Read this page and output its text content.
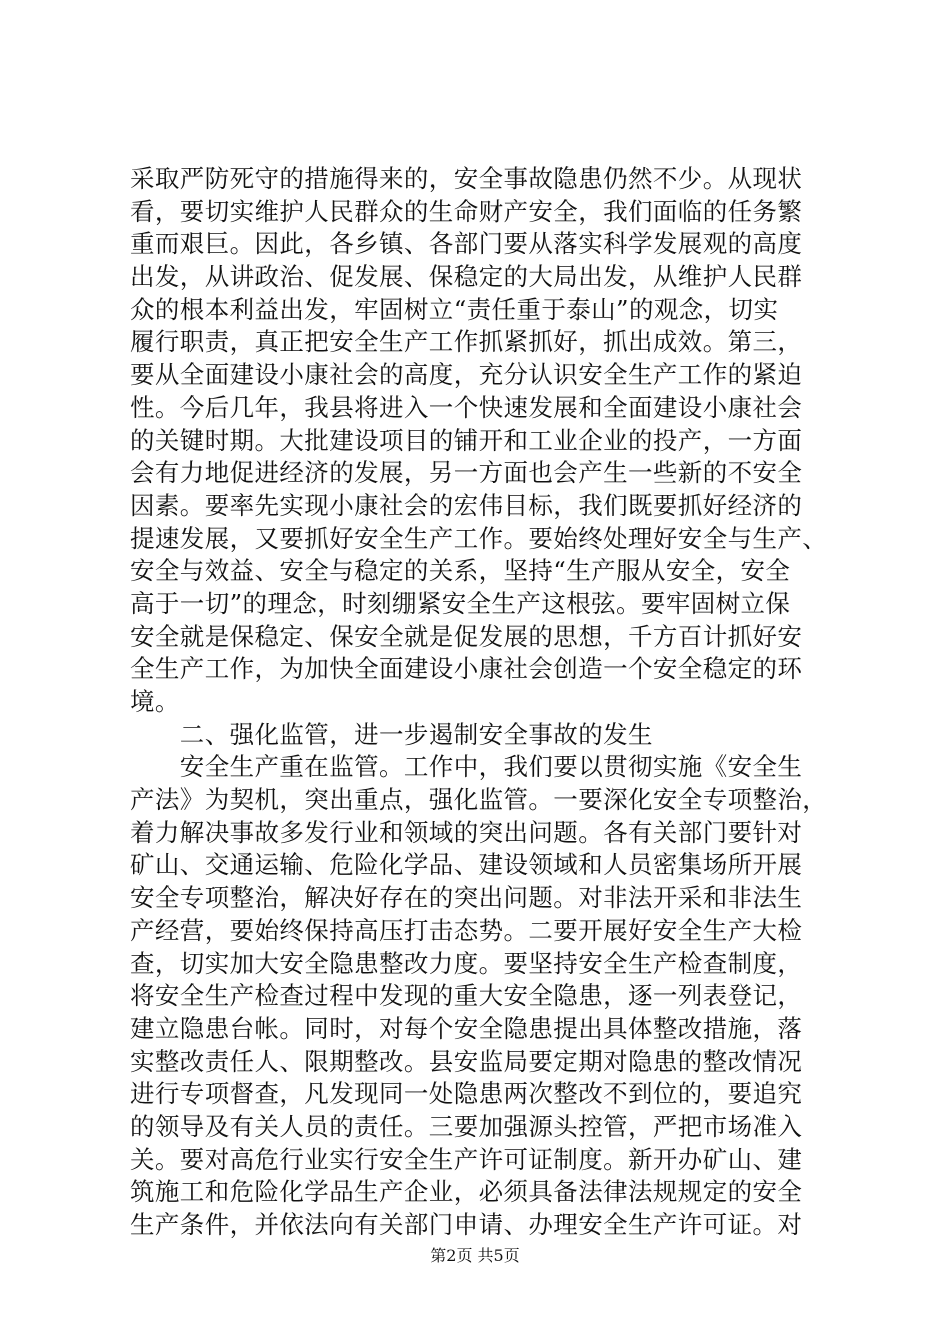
采取严防死守的措施得来的，安全事故隐患仍然不少。从现状
看，要切实维护人民群众的生命财产安全，我们面临的任务繁
重而艰巨。因此，各乡镇、各部门要从落实科学发展观的高度
出发，从讲政治、促发展、保稳定的大局出发，从维护人民群
众的根本利益出发，牢固树立“责任重于泰山”的观念，切实
履行职责，真正把安全生产工作抓紧抓好，抓出成效。第三，
要从全面建设小康社会的高度，充分认识安全生产工作的紧迫
性。今后几年，我县将进入一个快速发展和全面建设小康社会
的关键时期。大批建设项目的铺开和工业企业的投产，一方面
会有力地促进经济的发展，另一方面也会产生一些新的不安全
因素。要率先实现小康社会的宏伟目标，我们既要抓好经济的
提速发展，又要抓好安全生产工作。要始终处理好安全与生产、
安全与效益、安全与稳定的关系，坚持“生产服从安全，安全
高于一切”的理念，时刻绷紧安全生产这根弦。要牢固树立保
安全就是保稳定、保安全就是促发展的思想，千方百计抓好安
全生产工作，为加快全面建设小康社会创造一个安全稳定的环
境。
　　二、强化监管，进一步遏制安全事故的发生
　　安全生产重在监管。工作中，我们要以贯彻实施《安全生
产法》为契机，突出重点，强化监管。一要深化安全专项整治，
着力解决事故多发行业和领域的突出问题。各有关部门要针对
矿山、交通运输、危险化学品、建设领域和人员密集场所开展
安全专项整治，解决好存在的突出问题。对非法开采和非法生
产经营，要始终保持高压打击态势。二要开展好安全生产大检
查，切实加大安全隐患整改力度。要坚持安全生产检查制度，
将安全生产检查过程中发现的重大安全隐患，逐一列表登记，
建立隐患台帐。同时，对每个安全隐患提出具体整改措施，落
实整改责任人、限期整改。县安监局要定期对隐患的整改情况
进行专项督查，凡发现同一处隐患两次整改不到位的，要追究
的领导及有关人员的责任。三要加强源头控管，严把市场准入
关。要对高危行业实行安全生产许可证制度。新开办矿山、建
筑施工和危险化学品生产企业，必须具备法律法规规定的安全
生产条件，并依法向有关部门申请、办理安全生产许可证。对
第2页 共5页
